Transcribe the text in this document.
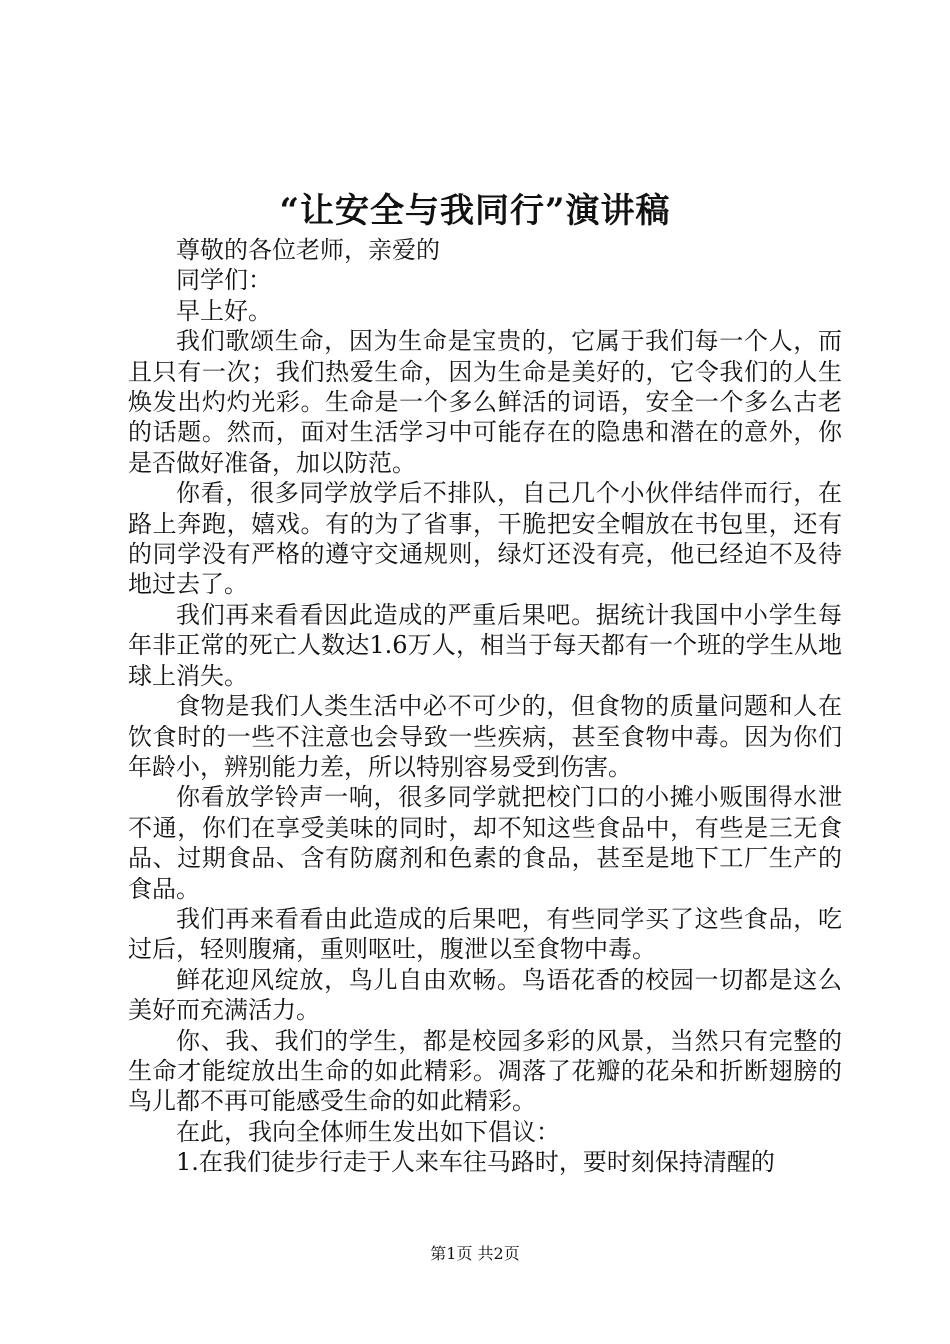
“让安全与我同行”演讲稿

尊敬的各位老师，亲爱的

同学们：

早上好。

我们歌颂生命，因为生命是宝贵的，它属于我们每一个人，而且只有一次；我们热爱生命，因为生命是美好的，它令我们的人生焕发出灼灼光彩。生命是一个多么鲜活的词语，安全一个多么古老的话题。然而，面对生活学习中可能存在的隐患和潜在的意外，你是否做好准备，加以防范。

你看，很多同学放学后不排队，自己几个小伙伴结伴而行，在路上奔跑，嬉戏。有的为了省事，干脆把安全帽放在书包里，还有的同学没有严格的遵守交通规则，绿灯还没有亮，他已经迫不及待地过去了。

我们再来看看因此造成的严重后果吧。据统计我国中小学生每年非正常的死亡人数达1.6万人，相当于每天都有一个班的学生从地球上消失。

食物是我们人类生活中必不可少的，但食物的质量问题和人在饮食时的一些不注意也会导致一些疾病，甚至食物中毒。因为你们年龄小，辨别能力差，所以特别容易受到伤害。

你看放学铃声一响，很多同学就把校门口的小摊小贩围得水泄不通，你们在享受美味的同时，却不知这些食品中，有些是三无食品、过期食品、含有防腐剂和色素的食品，甚至是地下工厂生产的食品。

我们再来看看由此造成的后果吧，有些同学买了这些食品，吃过后，轻则腹痛，重则呕吐，腹泄以至食物中毒。

鲜花迎风绽放，鸟儿自由欢畅。鸟语花香的校园一切都是这么美好而充满活力。

你、我、我们的学生，都是校园多彩的风景，当然只有完整的生命才能绽放出生命的如此精彩。凋落了花瓣的花朵和折断翅膀的鸟儿都不再可能感受生命的如此精彩。

在此，我向全体师生发出如下倡议：

1.在我们徒步行走于人来车往马路时，要时刻保持清醒的

第1页 共2页
